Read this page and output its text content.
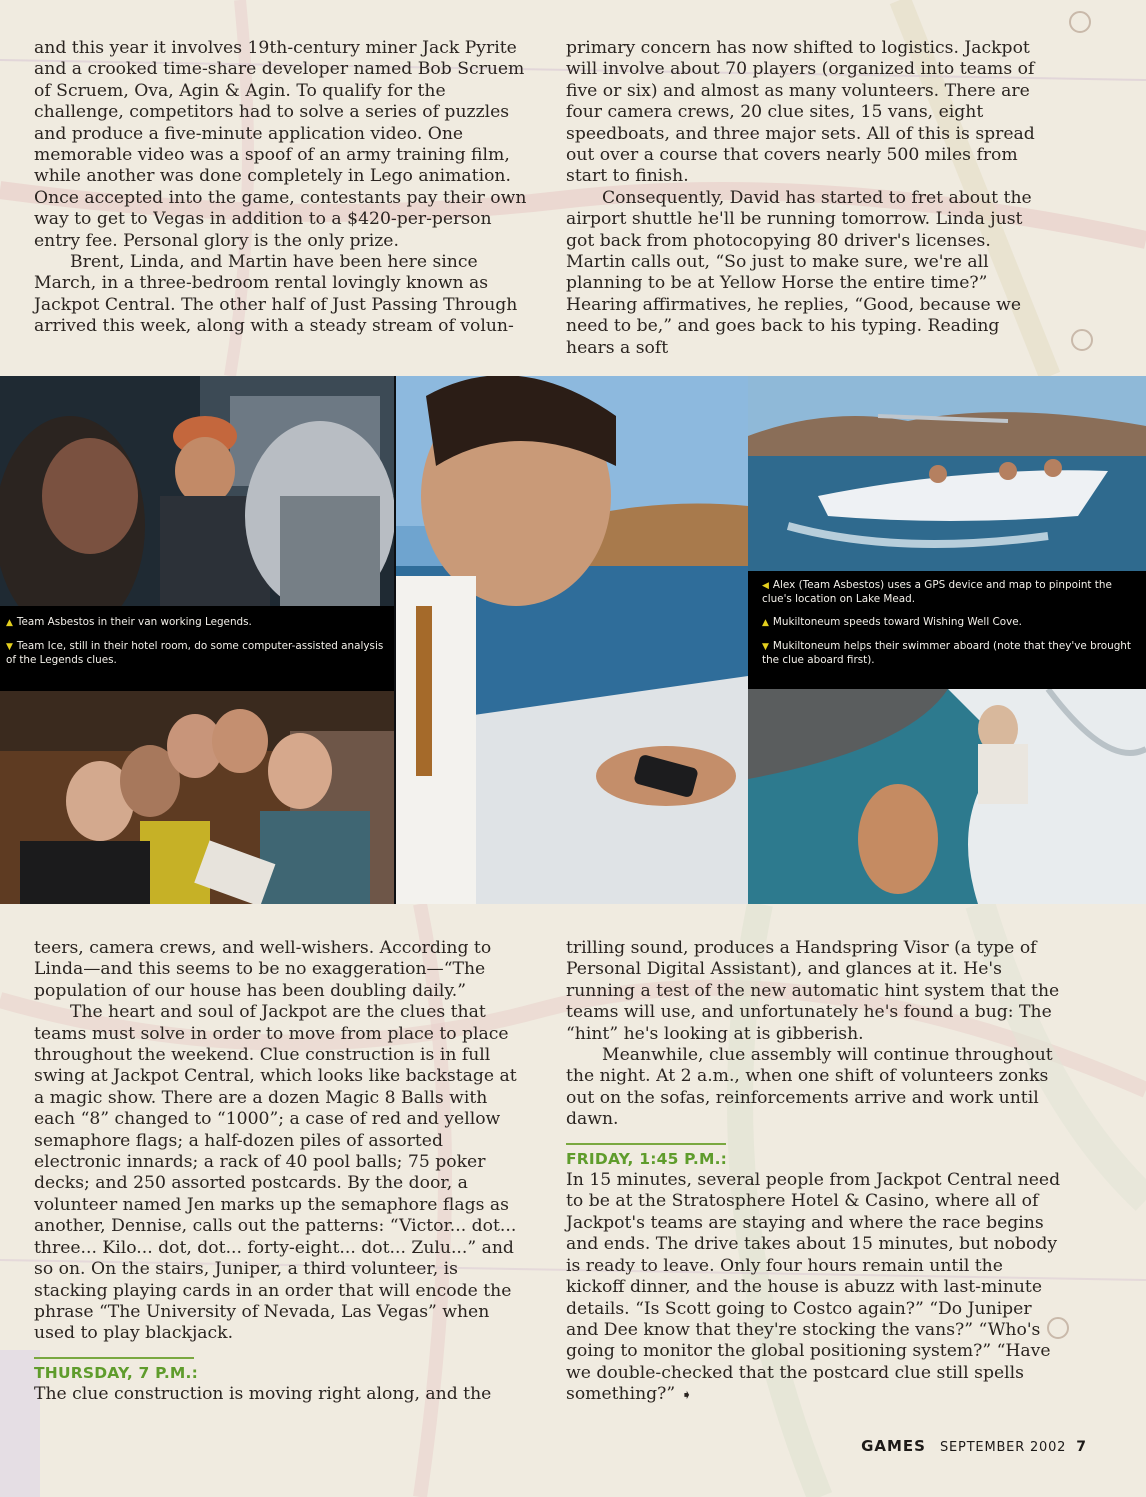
and this year it involves 19th-century miner Jack Pyrite and a crooked time-share developer named Bob Scruem of Scruem, Ova, Agin & Agin. To qualify for the challenge, competitors had to solve a series of puzzles and produce a five-minute application video. One memorable video was a spoof of an army training film, while another was done completely in Lego animation. Once accepted into the game, contestants pay their own way to get to Vegas in addition to a $420-per-person entry fee. Personal glory is the only prize.

Brent, Linda, and Martin have been here since March, in a three-bedroom rental lovingly known as Jackpot Central. The other half of Just Passing Through arrived this week, along with a steady stream of volun-

primary concern has now shifted to logistics. Jackpot will involve about 70 players (organized into teams of five or six) and almost as many volunteers. There are four camera crews, 20 clue sites, 15 vans, eight speedboats, and three major sets. All of this is spread out over a course that covers nearly 500 miles from start to finish.

Consequently, David has started to fret about the airport shuttle he'll be running tomorrow. Linda just got back from photocopying 80 driver's licenses. Martin calls out, “So just to make sure, we're all planning to be at Yellow Horse the entire time?” Hearing affirmatives, he replies, “Good, because we need to be,” and goes back to his typing. Reading hears a soft

▲ Team Asbestos in their van working Legends.

▼ Team Ice, still in their hotel room, do some computer-assisted analysis of the Legends clues.

◀ Alex (Team Asbestos) uses a GPS device and map to pinpoint the clue's location on Lake Mead.

▲ Mukiltoneum speeds toward Wishing Well Cove.

▼ Mukiltoneum helps their swimmer aboard (note that they've brought the clue aboard first).

teers, camera crews, and well-wishers. According to Linda—and this seems to be no exaggeration—“The population of our house has been doubling daily.”

The heart and soul of Jackpot are the clues that teams must solve in order to move from place to place throughout the weekend. Clue construction is in full swing at Jackpot Central, which looks like backstage at a magic show. There are a dozen Magic 8 Balls with each “8” changed to “1000”; a case of red and yellow semaphore flags; a half-dozen piles of assorted electronic innards; a rack of 40 pool balls; 75 poker decks; and 250 assorted postcards. By the door, a volunteer named Jen marks up the semaphore flags as another, Dennise, calls out the patterns: “Victor... dot... three... Kilo... dot, dot... forty-eight... dot... Zulu...” and so on. On the stairs, Juniper, a third volunteer, is stacking playing cards in an order that will encode the phrase “The University of Nevada, Las Vegas” when used to play blackjack.

THURSDAY, 7 P.M.:

The clue construction is moving right along, and the

trilling sound, produces a Handspring Visor (a type of Personal Digital Assistant), and glances at it. He's running a test of the new automatic hint system that the teams will use, and unfortunately he's found a bug: The “hint” he's looking at is gibberish.

Meanwhile, clue assembly will continue throughout the night. At 2 a.m., when one shift of volunteers zonks out on the sofas, reinforcements arrive and work until dawn.

FRIDAY, 1:45 P.M.:

In 15 minutes, several people from Jackpot Central need to be at the Stratosphere Hotel & Casino, where all of Jackpot's teams are staying and where the race begins and ends. The drive takes about 15 minutes, but nobody is ready to leave. Only four hours remain until the kickoff dinner, and the house is abuzz with last-minute details. “Is Scott going to Costco again?” “Do Juniper and Dee know that they're stocking the vans?” “Who's going to monitor the global positioning system?” “Have we double-checked that the postcard clue still spells something?” ➧

GAMES SEPTEMBER 2002 7
